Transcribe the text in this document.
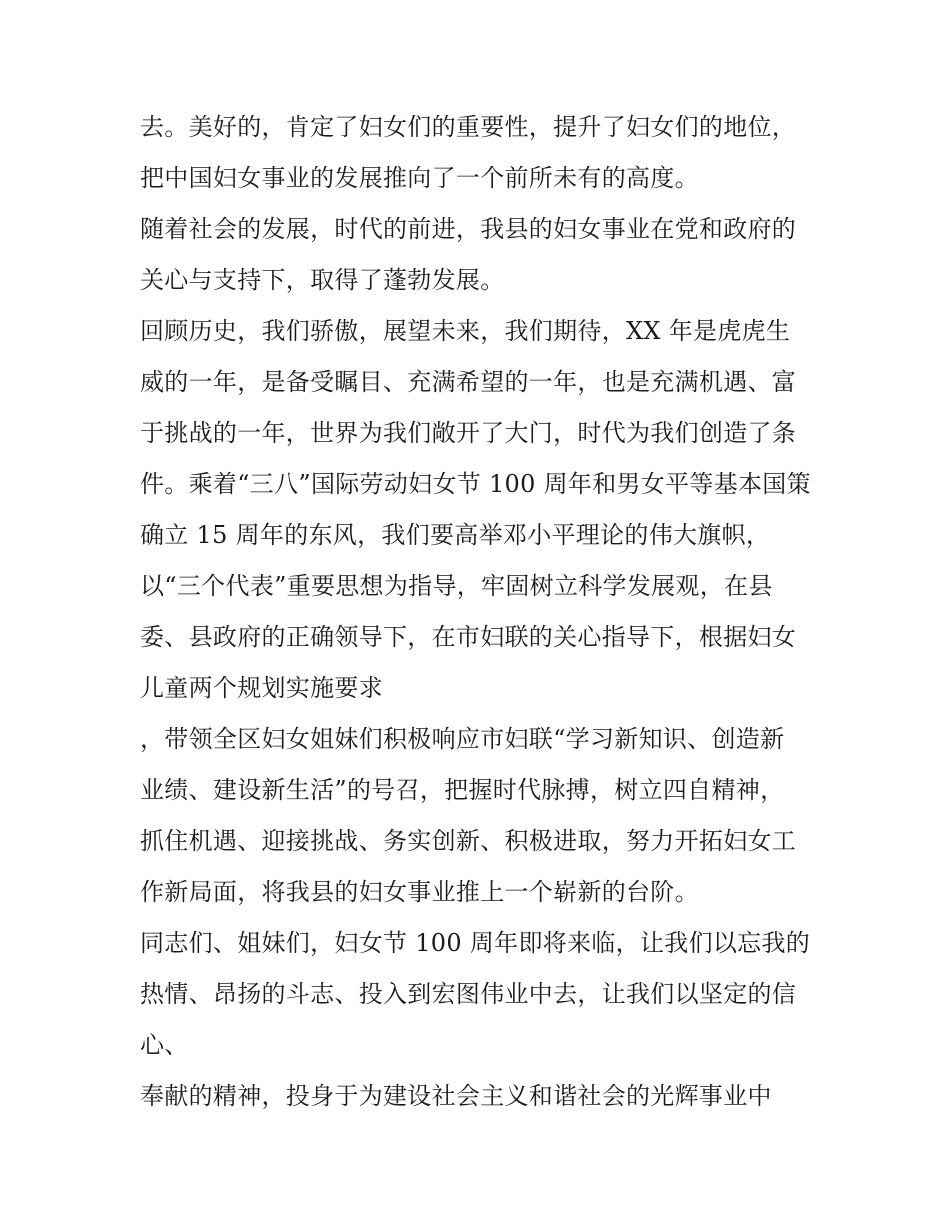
去。美好的，肯定了妇女们的重要性，提升了妇女们的地位，
把中国妇女事业的发展推向了一个前所未有的高度。
随着社会的发展，时代的前进，我县的妇女事业在党和政府的
关心与支持下，取得了蓬勃发展。
回顾历史，我们骄傲，展望未来，我们期待，XX 年是虎虎生
威的一年，是备受瞩目、充满希望的一年，也是充满机遇、富
于挑战的一年，世界为我们敞开了大门，时代为我们创造了条
件。乘着“三八”国际劳动妇女节 100 周年和男女平等基本国策
确立 15 周年的东风，我们要高举邓小平理论的伟大旗帜，
以“三个代表”重要思想为指导，牢固树立科学发展观，在县
委、县政府的正确领导下，在市妇联的关心指导下，根据妇女
儿童两个规划实施要求
，带领全区妇女姐妹们积极响应市妇联“学习新知识、创造新
业绩、建设新生活”的号召，把握时代脉搏，树立四自精神，
抓住机遇、迎接挑战、务实创新、积极进取，努力开拓妇女工
作新局面，将我县的妇女事业推上一个崭新的台阶。
同志们、姐妹们，妇女节 100 周年即将来临，让我们以忘我的
热情、昂扬的斗志、投入到宏图伟业中去，让我们以坚定的信
心、
奉献的精神，投身于为建设社会主义和谐社会的光辉事业中
